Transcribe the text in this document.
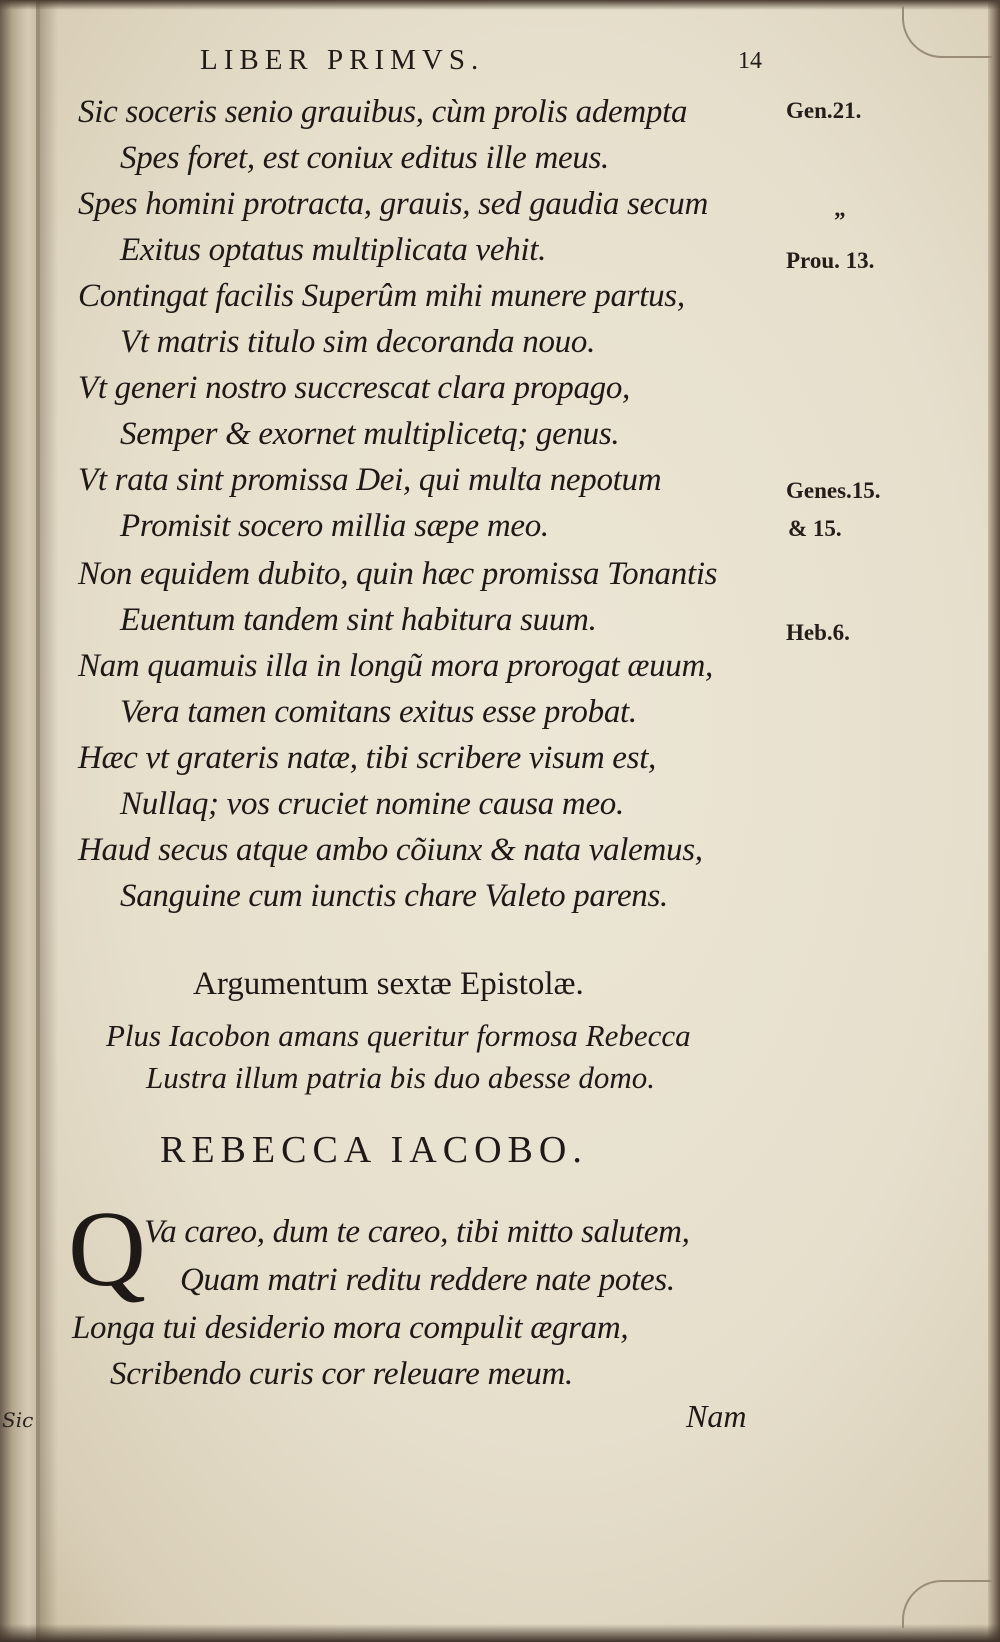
Sic
LIBER PRIMVS.	14

Sic soceris senio grauibus, cùm prolis adempta

Spes foret, est coniux editus ille meus.

Spes homini protracta, grauis, sed gaudia secum

Exitus optatus multiplicata vehit.

Contingat facilis Superûm mihi munere partus,

Vt matris titulo sim decoranda nouo.

Vt generi nostro succrescat clara propago,

Semper & exornet multiplicetq; genus.

Vt rata sint promissa Dei, qui multa nepotum

Promisit socero millia sæpe meo.

Non equidem dubito, quin hæc promissa Tonantis

Euentum tandem sint habitura suum.

Nam quamuis illa in longũ mora prorogat æuum,

Vera tamen comitans exitus esse probat.

Hæc vt grateris natæ, tibi scribere visum est,

Nullaq; vos cruciet nomine causa meo.

Haud secus atque ambo cõiunx & nata valemus,

Sanguine cum iunctis chare Valeto parens.

Gen.21.

”

Prou. 13.

Genes.15.

& 15.

Heb.6.

Argumentum sextæ Epistolæ.

Plus Iacobon amans queritur formosa Rebecca

Lustra illum patria bis duo abesse domo.

REBECCA IACOBO.
Q

Va careo, dum te careo, tibi mitto salutem,

Quam matri reditu reddere nate potes.

Longa tui desiderio mora compulit ægram,

Scribendo curis cor releuare meum.

Nam
